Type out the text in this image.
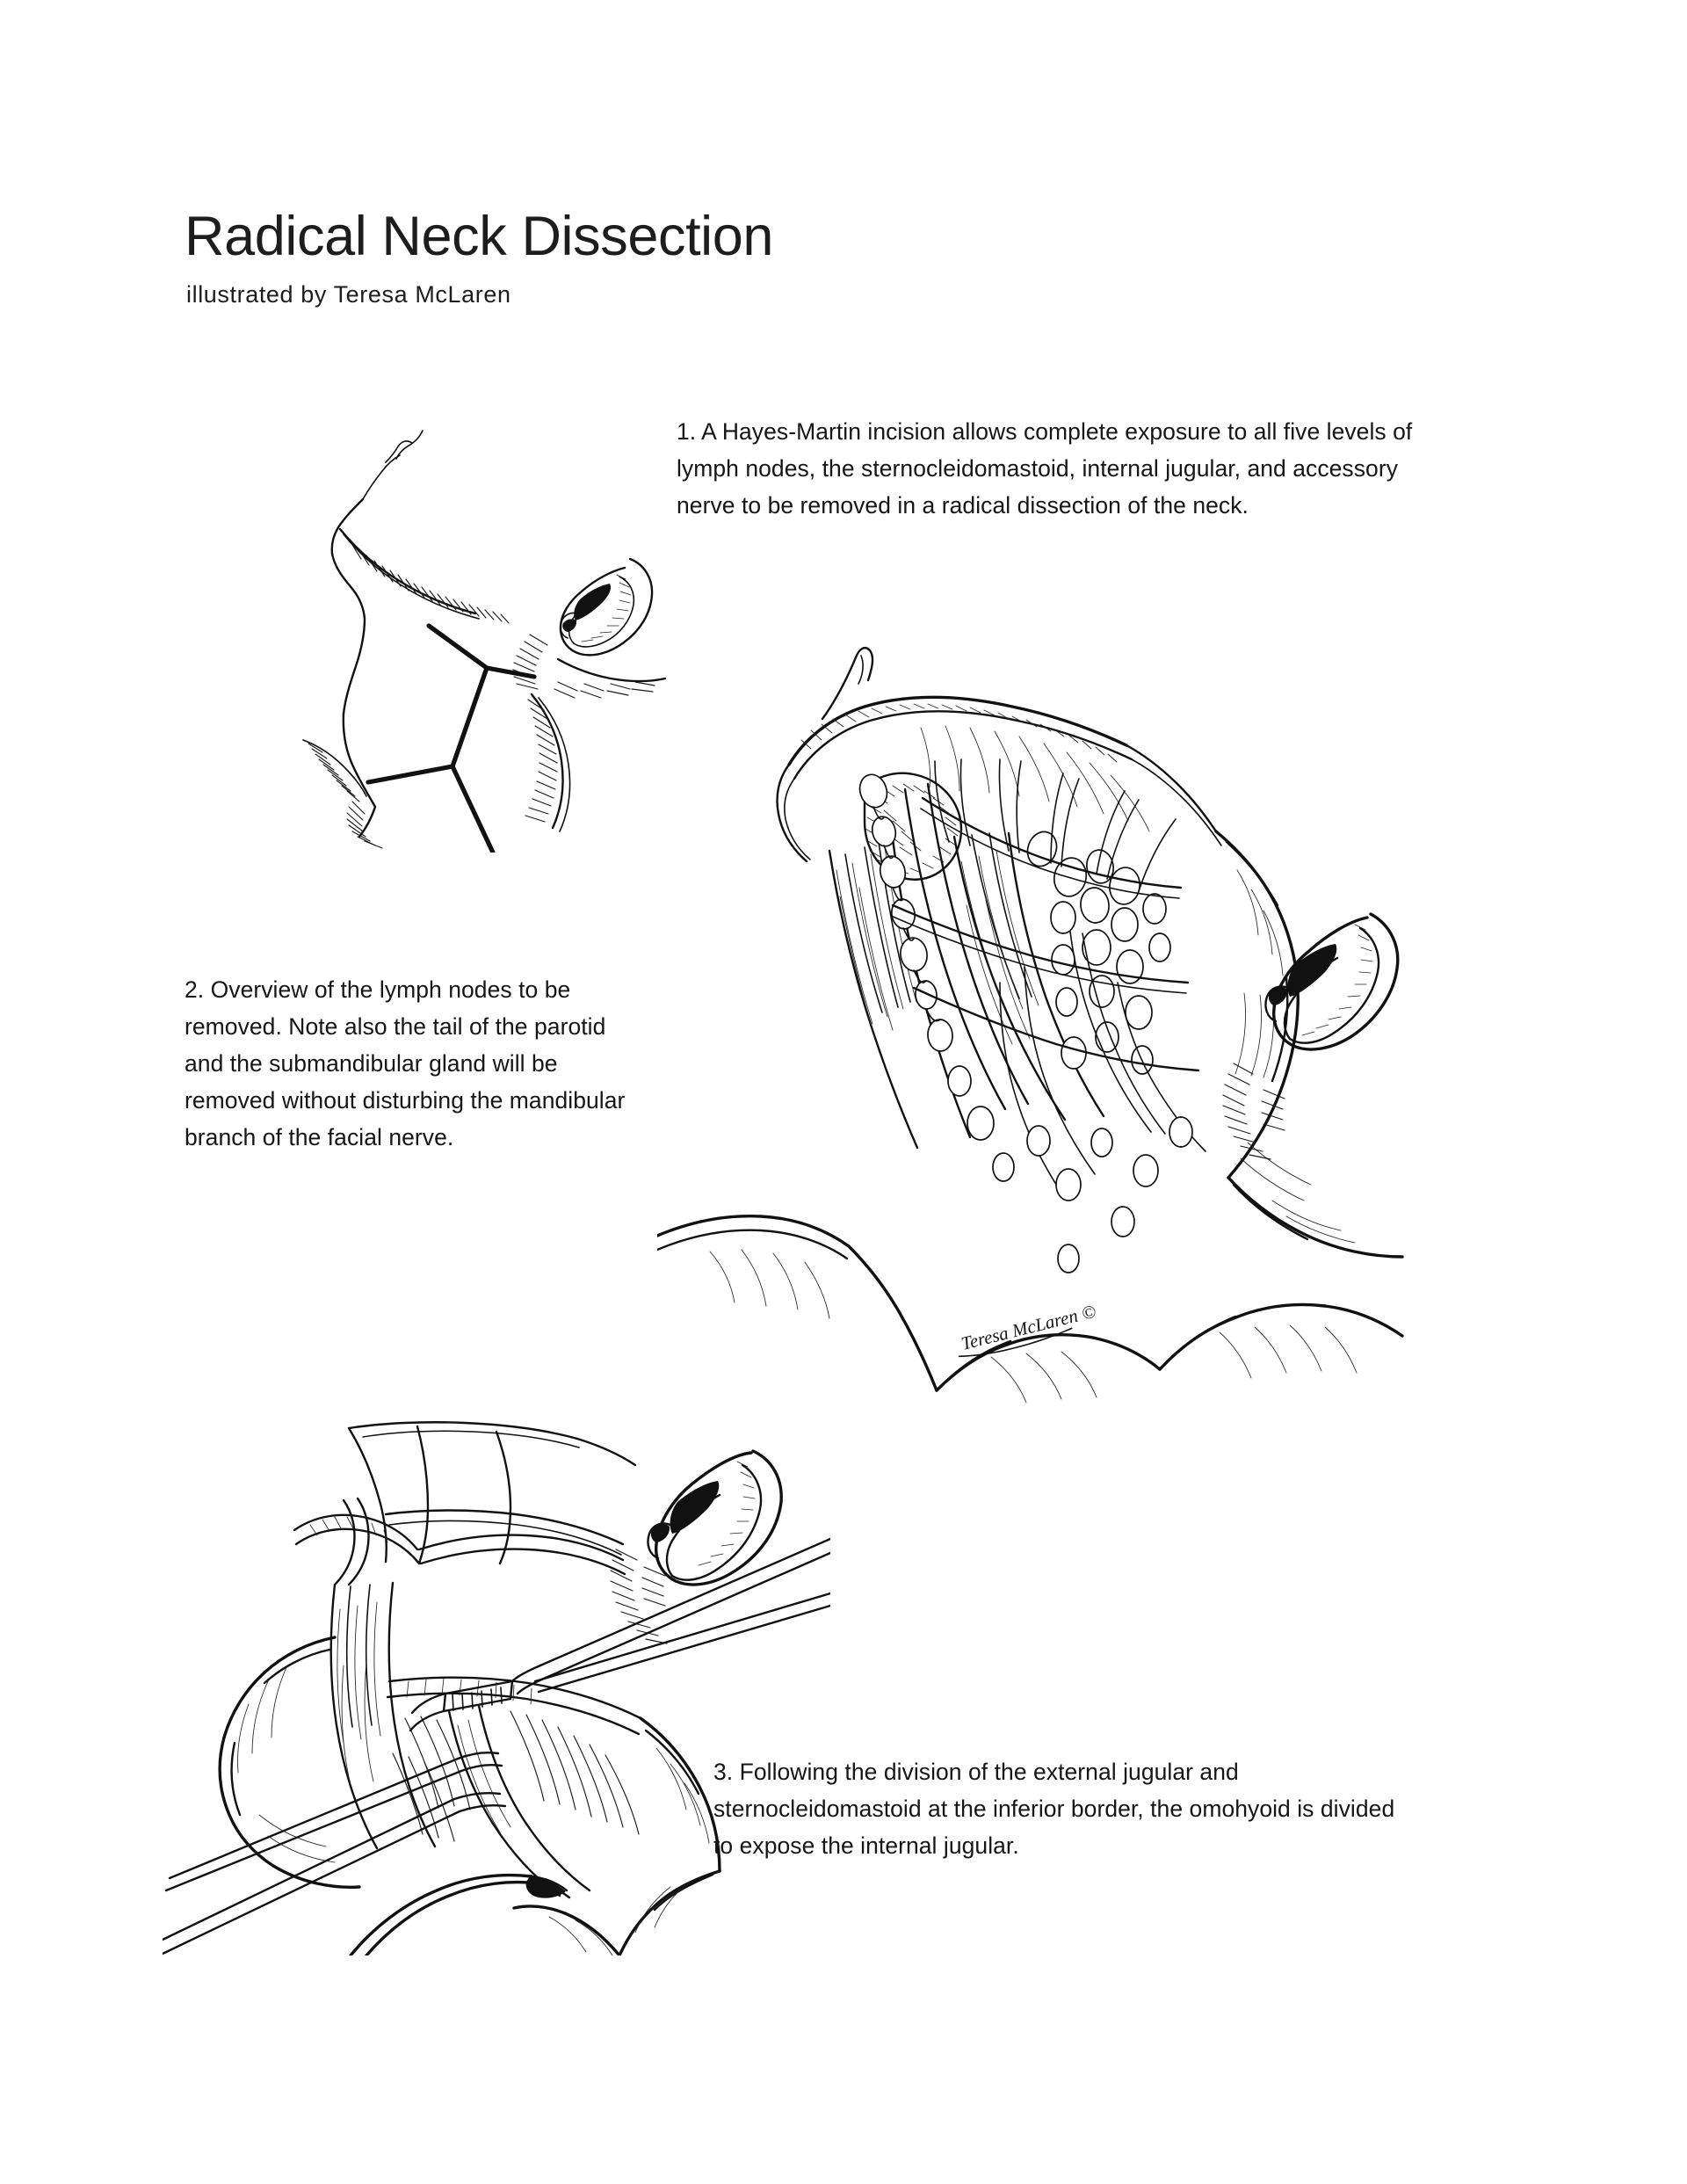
Radical Neck Dissection
illustrated by Teresa McLaren

1. A Hayes-Martin incision allows complete exposure to all five levels of lymph nodes, the sternocleidomastoid, internal jugular, and accessory nerve to be removed in a radical dissection of the neck.

Teresa McLaren ©

2. Overview of the lymph nodes to be removed. Note also the tail of the parotid and the submandibular gland will be removed without disturbing the mandibular branch of the facial nerve.

3. Following the division of the external jugular and sternocleidomastoid at the inferior border, the omohyoid is divided to expose the internal jugular.
